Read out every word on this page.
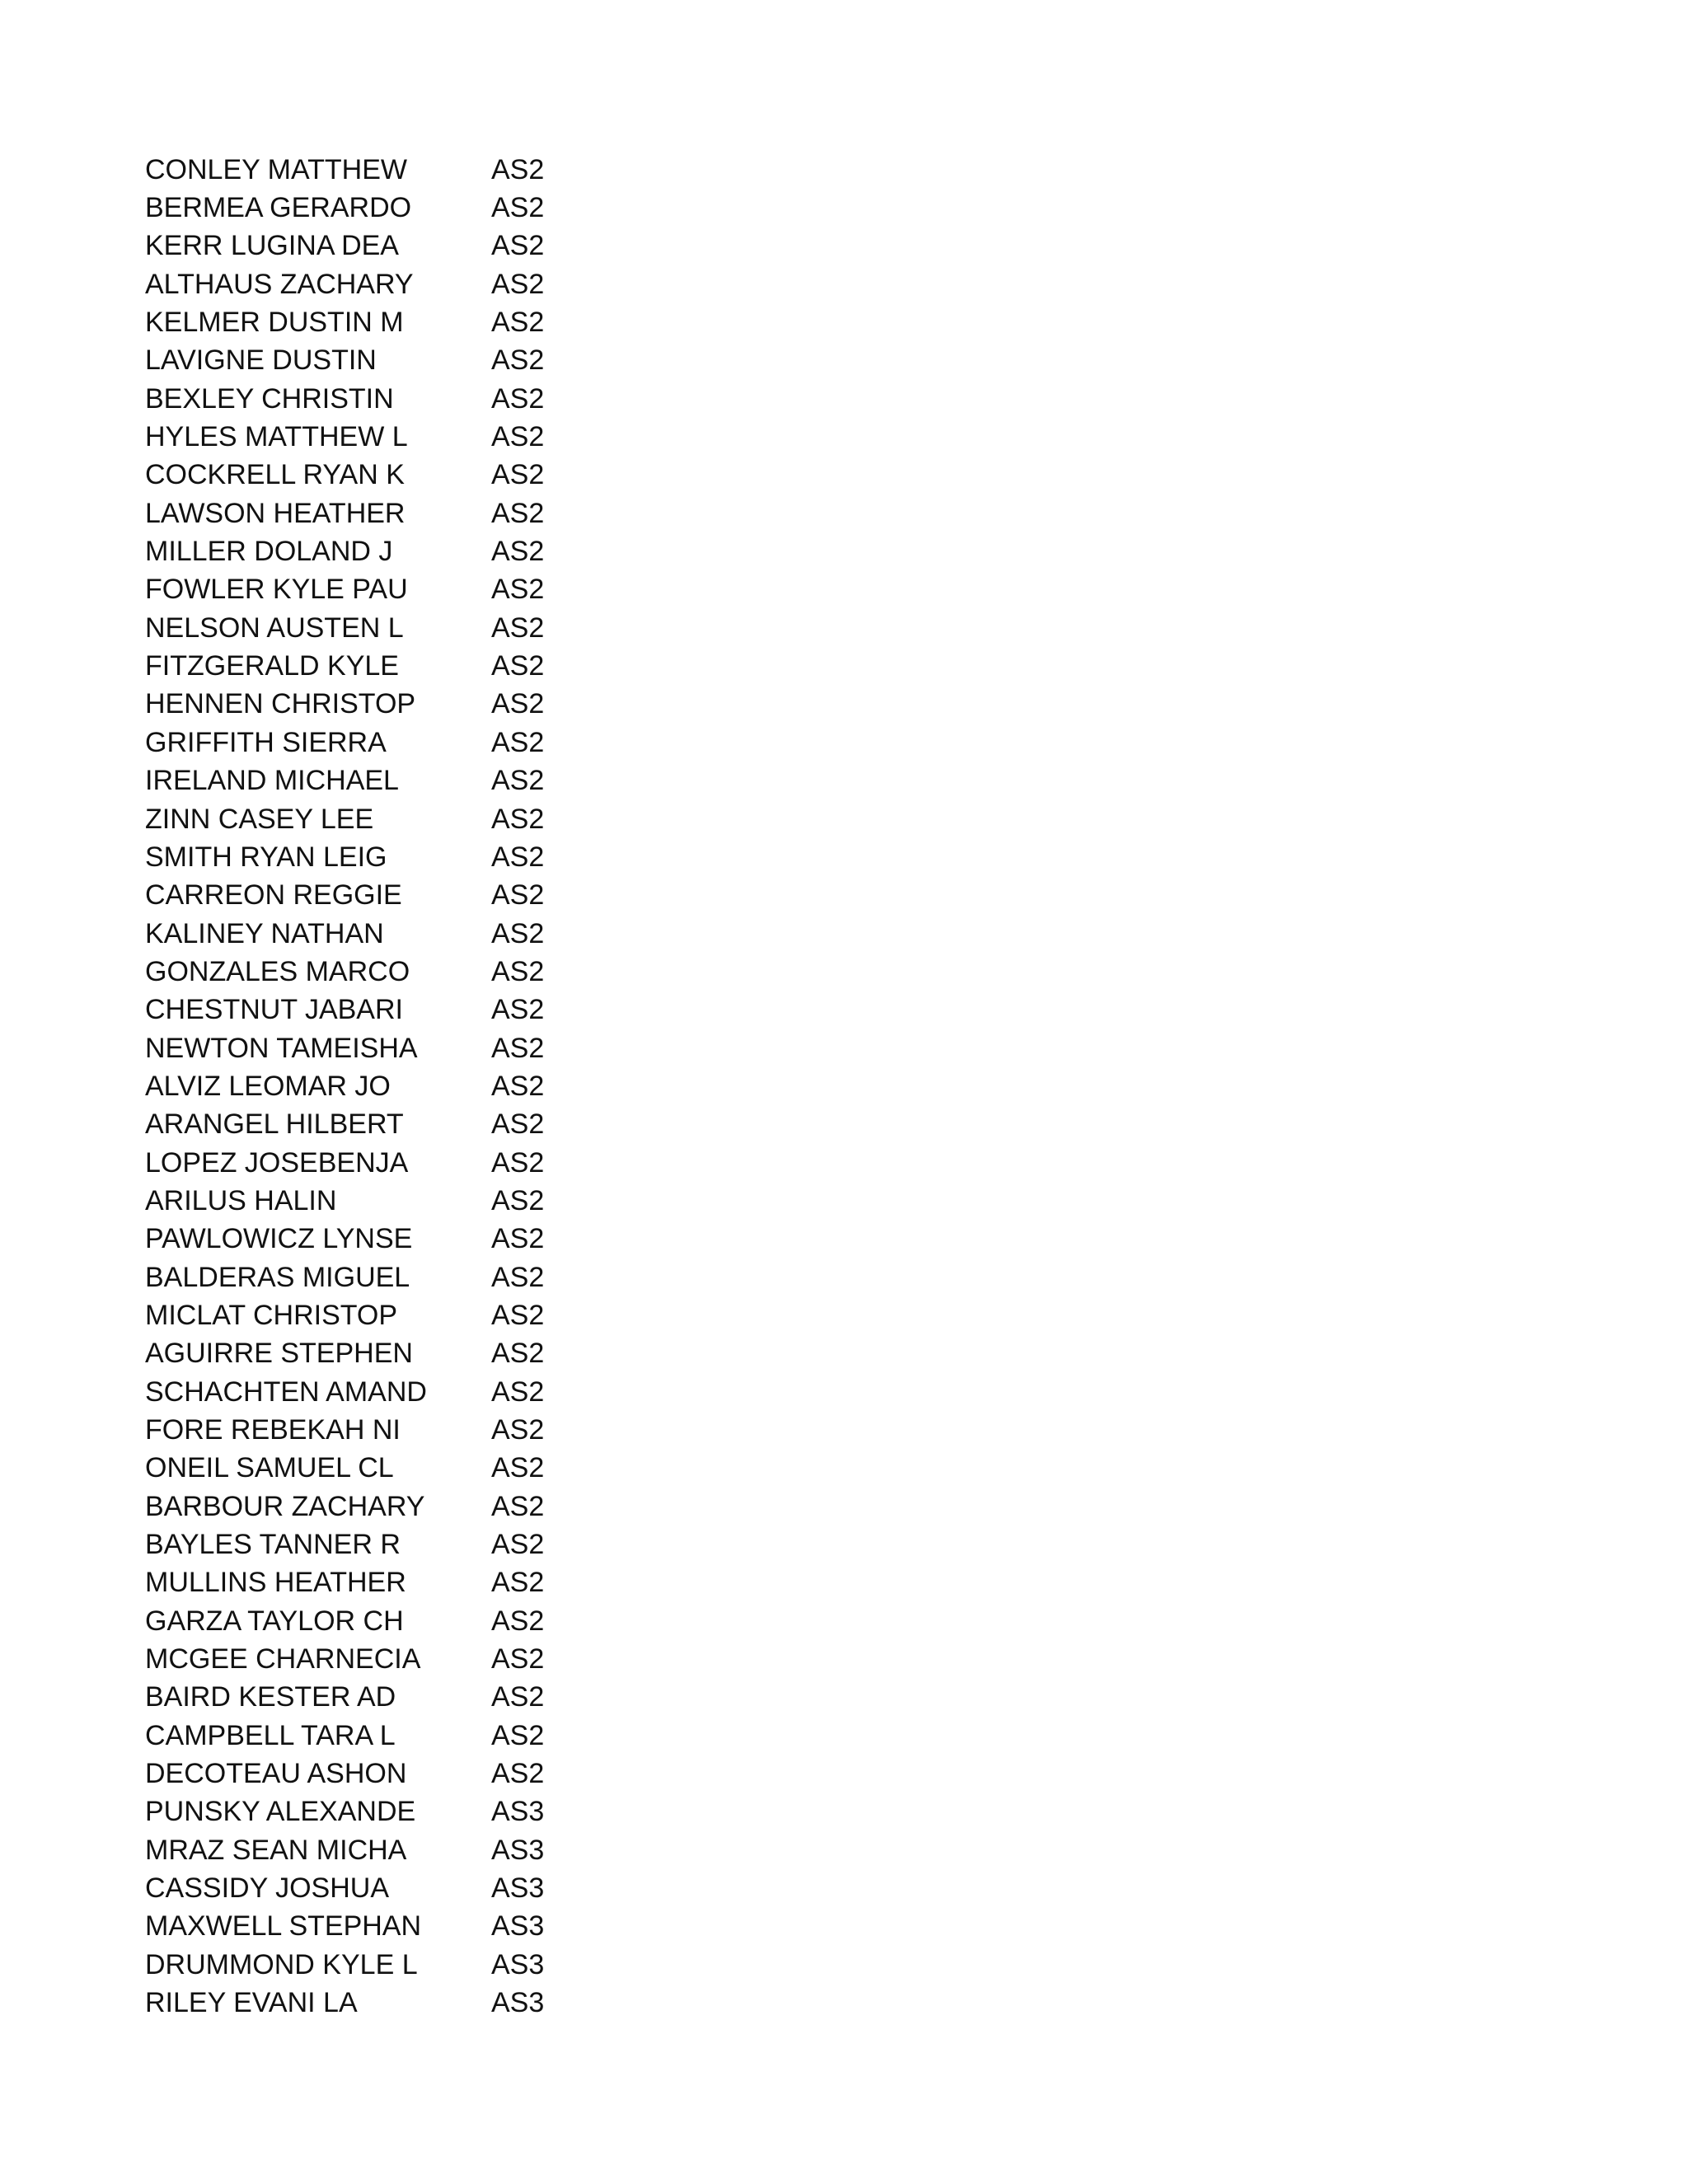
CONLEY MATTHEW	AS2
BERMEA GERARDO	AS2
KERR LUGINA DEA	AS2
ALTHAUS ZACHARY	AS2
KELMER DUSTIN M	AS2
LAVIGNE DUSTIN	AS2
BEXLEY CHRISTIN	AS2
HYLES MATTHEW L	AS2
COCKRELL RYAN K	AS2
LAWSON HEATHER	AS2
MILLER DOLAND J	AS2
FOWLER KYLE PAU	AS2
NELSON AUSTEN L	AS2
FITZGERALD KYLE	AS2
HENNEN CHRISTOP	AS2
GRIFFITH SIERRA	AS2
IRELAND MICHAEL	AS2
ZINN CASEY LEE	AS2
SMITH RYAN LEIG	AS2
CARREON REGGIE	AS2
KALINEY NATHAN	AS2
GONZALES MARCO	AS2
CHESTNUT JABARI	AS2
NEWTON TAMEISHA	AS2
ALVIZ LEOMAR JO	AS2
ARANGEL HILBERT	AS2
LOPEZ JOSEBENJA	AS2
ARILUS HALIN	AS2
PAWLOWICZ LYNSE	AS2
BALDERAS MIGUEL	AS2
MICLAT CHRISTOP	AS2
AGUIRRE STEPHEN	AS2
SCHACHTEN AMAND	AS2
FORE REBEKAH NI	AS2
ONEIL SAMUEL CL	AS2
BARBOUR ZACHARY	AS2
BAYLES TANNER R	AS2
MULLINS HEATHER	AS2
GARZA TAYLOR CH	AS2
MCGEE CHARNECIA	AS2
BAIRD KESTER AD	AS2
CAMPBELL TARA L	AS2
DECOTEAU ASHON	AS2
PUNSKY ALEXANDE	AS3
MRAZ SEAN MICHA	AS3
CASSIDY JOSHUA	AS3
MAXWELL STEPHAN	AS3
DRUMMOND KYLE L	AS3
RILEY EVANI LA	AS3
